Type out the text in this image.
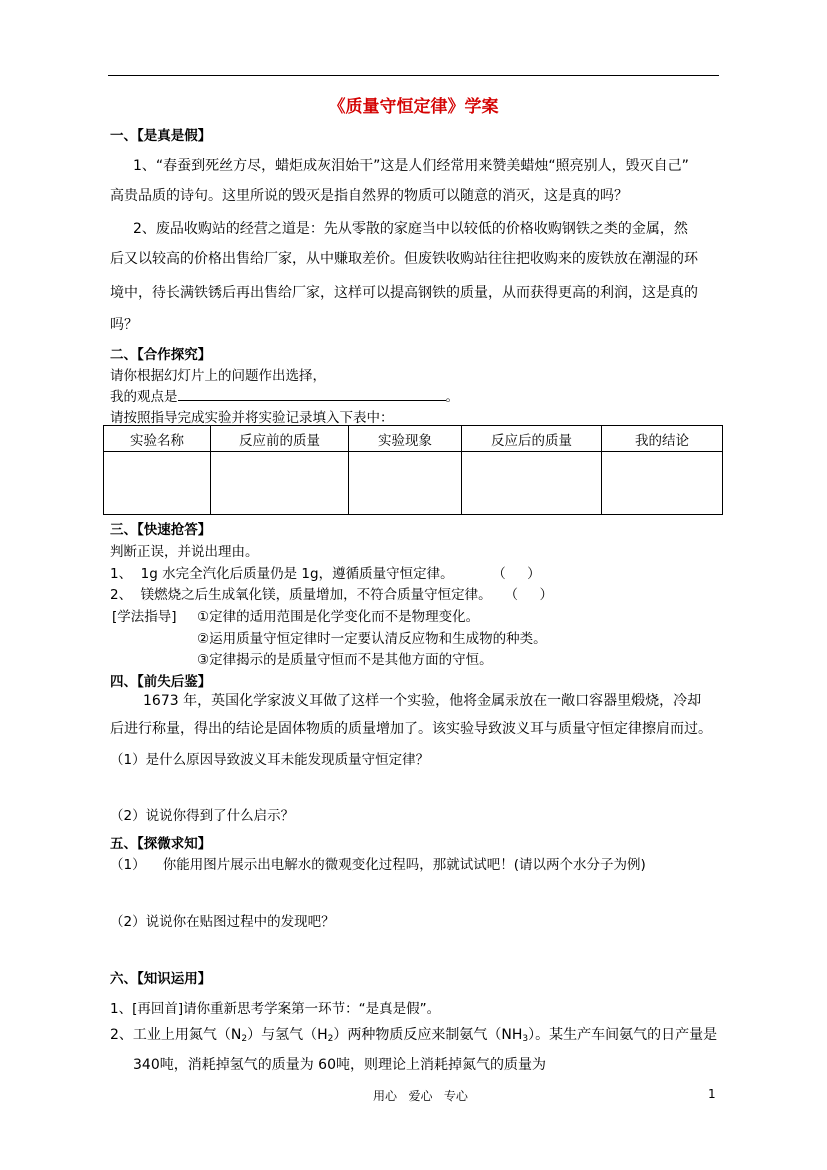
《质量守恒定律》学案
一、【是真是假】
1、“春蚕到死丝方尽，蜡炬成灰泪始干”这是人们经常用来赞美蜡烛“照亮别人，毁灭自己”
高贵品质的诗句。这里所说的毁灭是指自然界的物质可以随意的消灭，这是真的吗？
2、废品收购站的经营之道是：先从零散的家庭当中以较低的价格收购钢铁之类的金属，然
后又以较高的价格出售给厂家，从中赚取差价。但废铁收购站往往把收购来的废铁放在潮湿的环
境中，待长满铁锈后再出售给厂家，这样可以提高钢铁的质量，从而获得更高的利润，这是真的
吗？
二、【合作探究】
请你根据幻灯片上的问题作出选择，
我的观点是	。
请按照指导完成实验并将实验记录填入下表中：
实验名称	反应前的质量	实验现象	反应后的质量	我的结论

三、【快速抢答】
判断正误，并说出理由。
1、  1g 水完全汽化后质量仍是 1g，遵循质量守恒定律。         （     ）
2、  镁燃烧之后生成氧化镁，质量增加，不符合质量守恒定律。   （     ）
[学法指导] ①定律的适用范围是化学变化而不是物理变化。
②运用质量守恒定律时一定要认清反应物和生成物的种类。
③定律揭示的是质量守恒而不是其他方面的守恒。
四、【前失后鉴】
1673 年，英国化学家波义耳做了这样一个实验，他将金属汞放在一敞口容器里煅烧，冷却
后进行称量，得出的结论是固体物质的质量增加了。该实验导致波义耳与质量守恒定律擦肩而过。
（1）是什么原因导致波义耳未能发现质量守恒定律？
（2）说说你得到了什么启示？
五、【探微求知】
（1）    你能用图片展示出电解水的微观变化过程吗，那就试试吧！(请以两个水分子为例)
（2）说说你在贴图过程中的发现吧？
六、【知识运用】
1、[再回首]请你重新思考学案第一环节：“是真是假”。
2、工业上用氮气$(N_2)$与氢气$(H_2)$两种物质反应来制氨气$(NH_3)$。某生产车间氨气的日产量是
340吨，消耗掉氢气的质量为 60吨，则理论上消耗掉氮气的质量为
用心   爱心   专心	1
